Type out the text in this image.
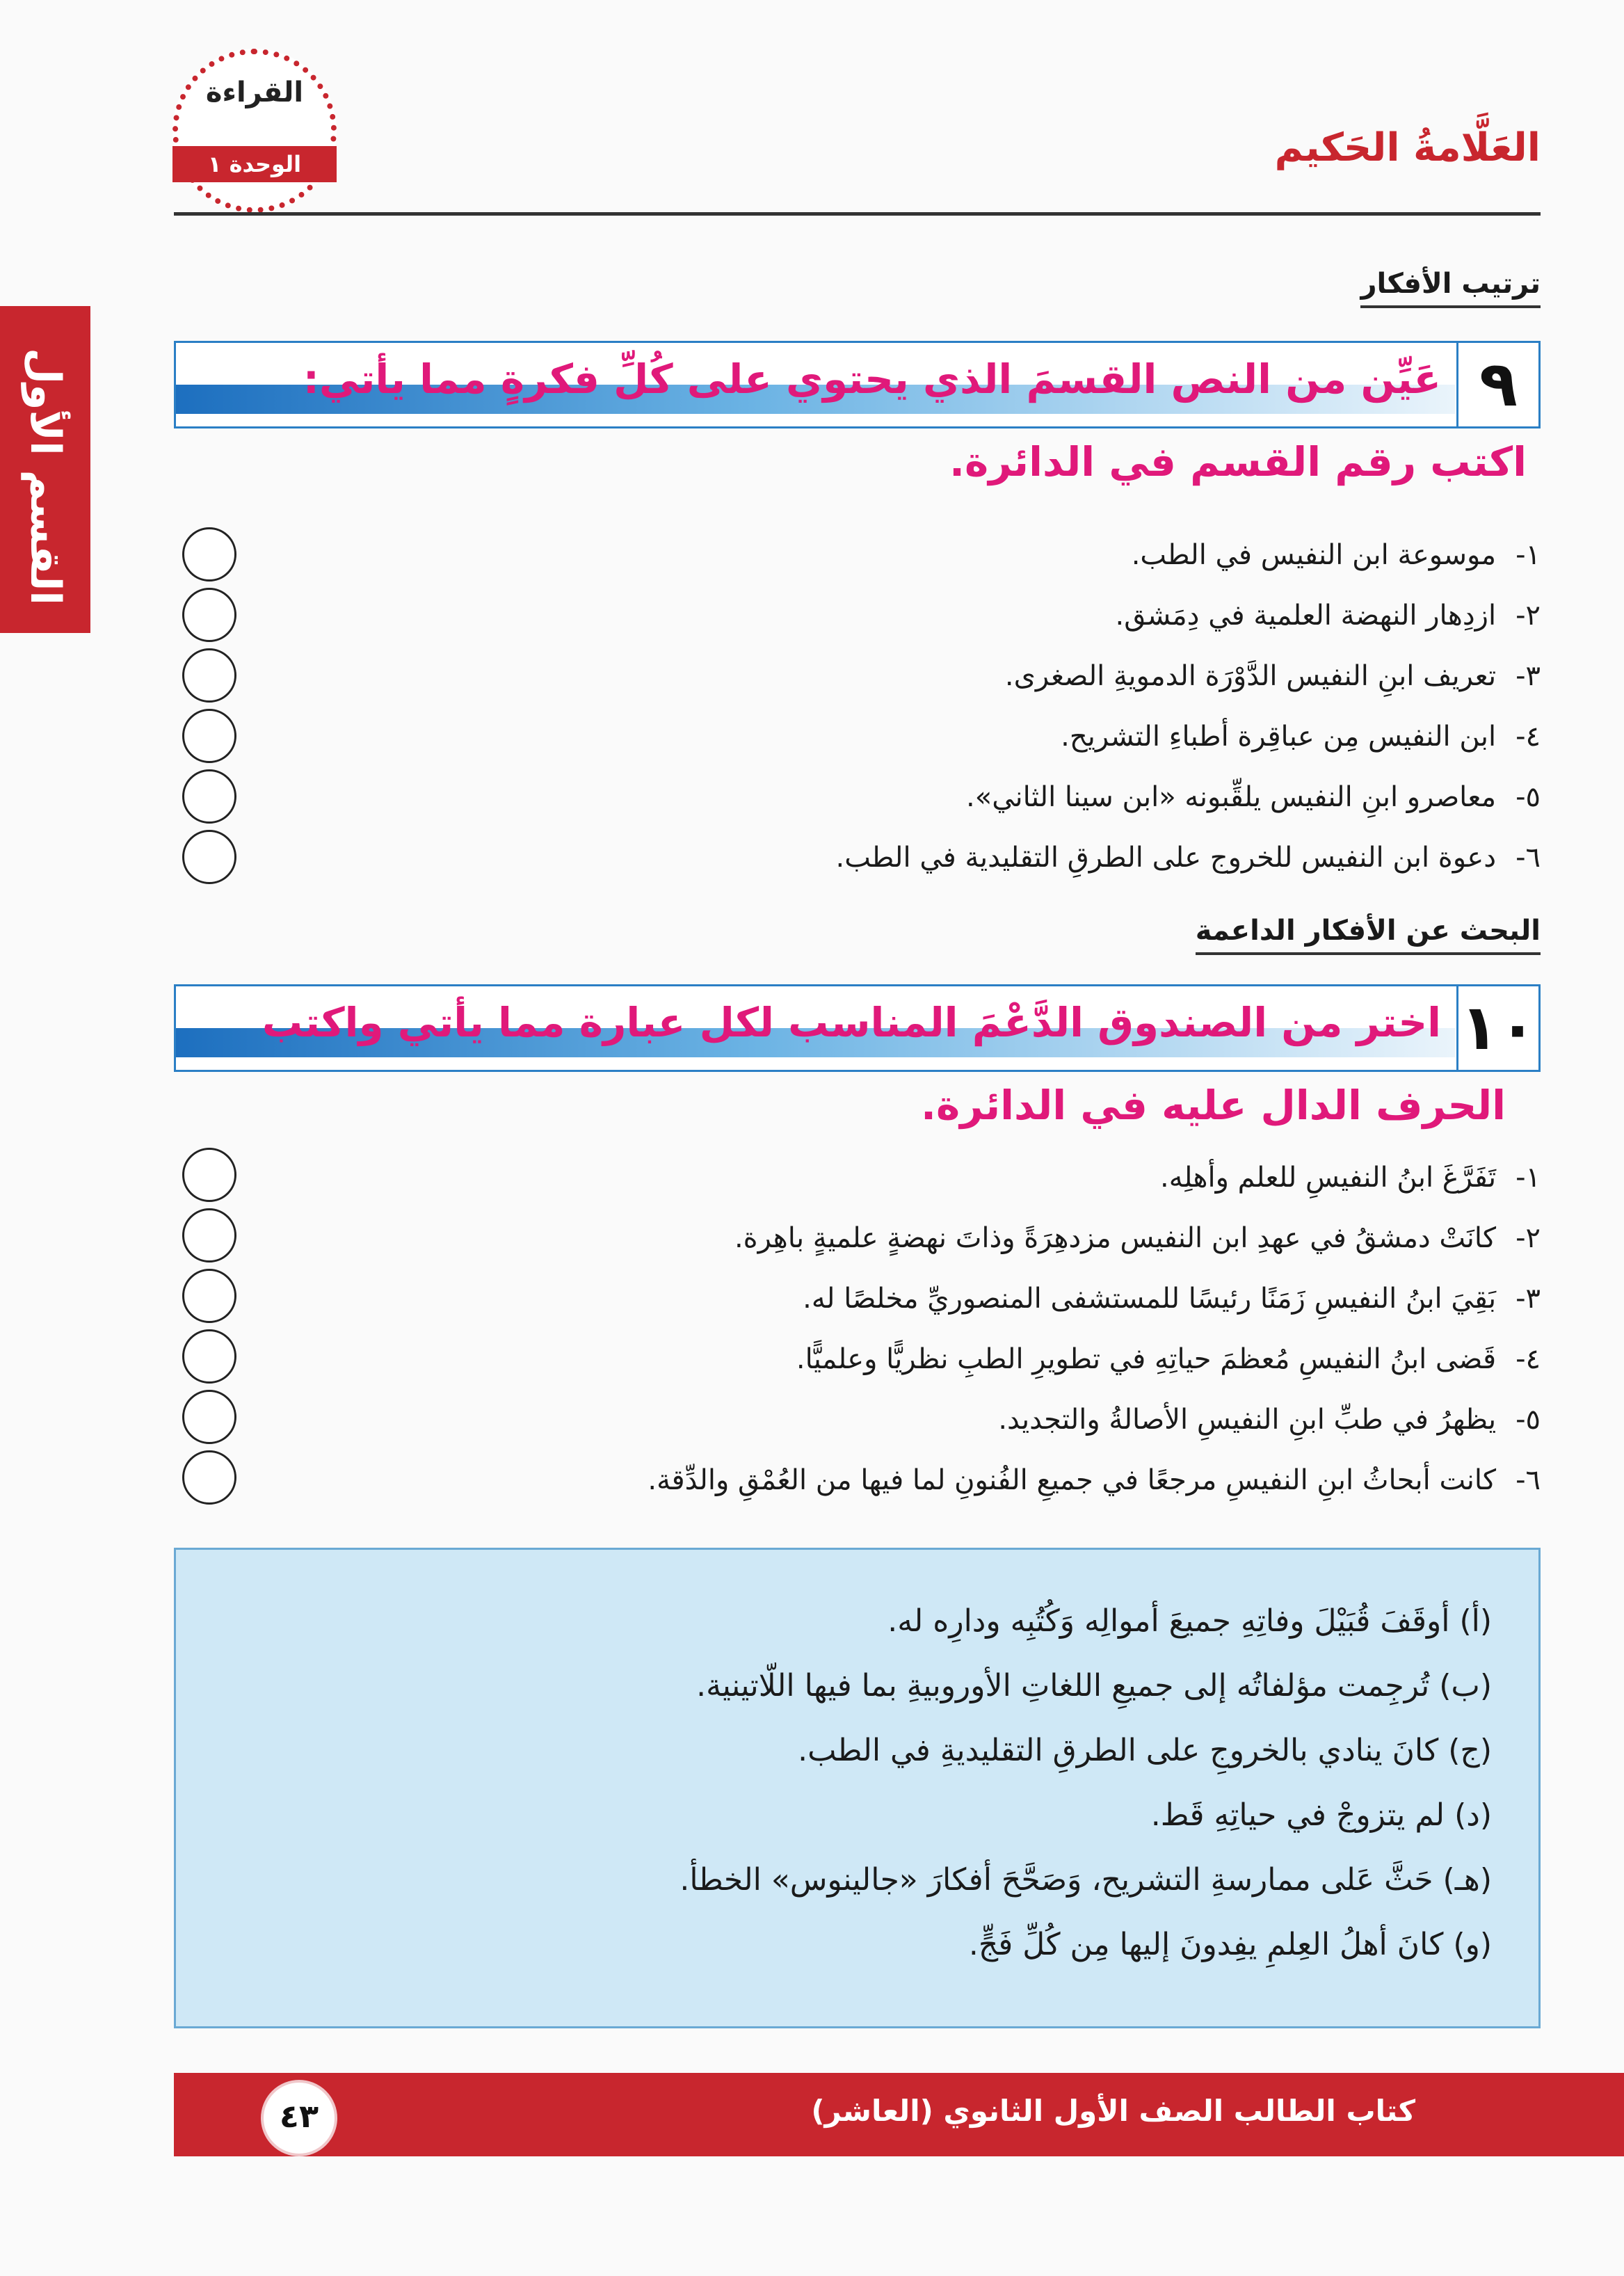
القراءة
الوحدة ١	العَلَّامةُ الحَكيم
القسم الأول
ترتيب الأفكار
٩
عَيِّن من النص القسمَ الذي يحتوي على كُلِّ فكرةٍ مما يأتي:
اكتب رقم القسم في الدائرة.
١-موسوعة ابن النفيس في الطب.
٢-ازدِهار النهضة العلمية في دِمَشق.
٣-تعريف ابنِ النفيس الدَّوْرَة الدمويةِ الصغرى.
٤-ابن النفيس مِن عباقِرة أطباءِ التشريح.
٥-معاصرو ابنِ النفيس يلقِّبونه «ابن سينا الثاني».
٦-دعوة ابن النفيس للخروج على الطرقِ التقليدية في الطب.
البحث عن الأفكار الداعمة
١٠
اختر من الصندوق الدَّعْمَ المناسب لكل عبارة مما يأتي واكتب
الحرف الدال عليه في الدائرة.
١-تَفَرَّغَ ابنُ النفيسِ للعلم وأهلِه.
٢-كانَتْ دمشقُ في عهدِ ابن النفيس مزدهِرَةً وذاتَ نهضةٍ علميةٍ باهِرة.
٣-بَقِيَ ابنُ النفيسِ زَمَنًا رئيسًا للمستشفى المنصوريِّ مخلصًا له.
٤-قَضى ابنُ النفيسِ مُعظمَ حياتِهِ في تطويرِ الطبِ نظريًّا وعلميًّا.
٥-يظهرُ في طبِّ ابنِ النفيسِ الأصالةُ والتجديد.
٦-كانت أبحاثُ ابنِ النفيسِ مرجعًا في جميعِ الفُنونِ لما فيها من العُمْقِ والدِّقة.
(أ) أوقَفَ قُبَيْلَ وفاتِهِ جميعَ أموالِه وَكُتُبِه ودارِه له.
(ب) تُرجِمت مؤلفاتُه إلى جميعِ اللغاتِ الأوروبيةِ بما فيها اللّاتينية.
(ج) كانَ ينادي بالخروجِ على الطرقِ التقليديةِ في الطب.
(د) لم يتزوجْ في حياتِهِ قَط.
(هـ) حَثَّ عَلى ممارسةِ التشريح، وَصَحَّحَ أفكارَ «جالينوس» الخطأ.
(و) كانَ أهلُ العِلمِ يفِدونَ إليها مِن كُلِّ فَجٍّ.
كتاب الطالب الصف الأول الثانوي (العاشر)
٤٣
